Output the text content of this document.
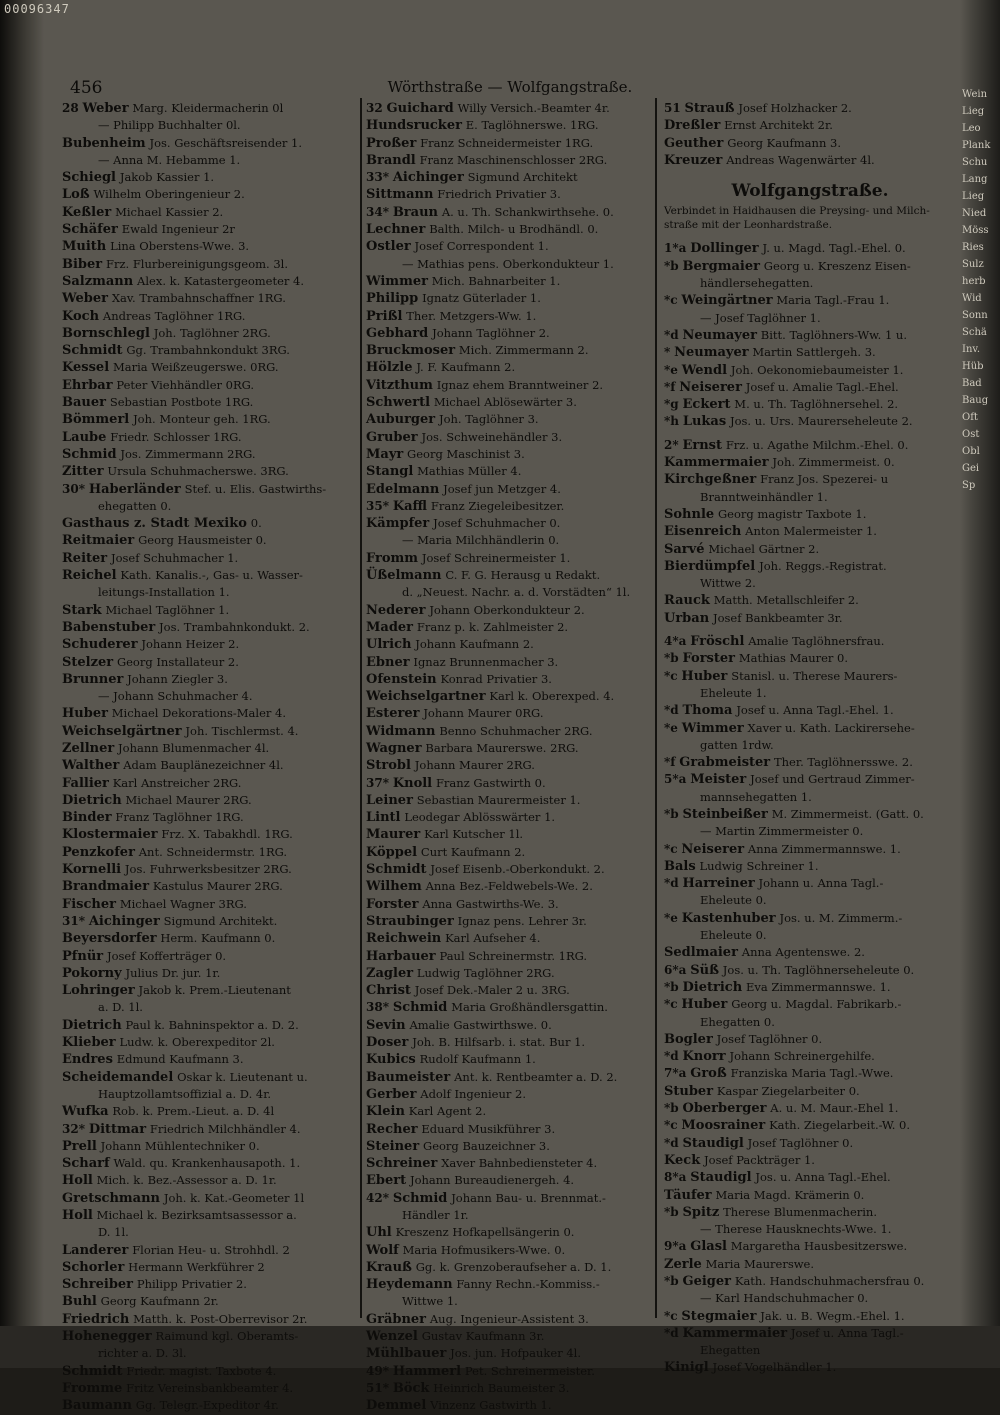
00096347
456	Wörthstraße — Wolfgangstraße.
28 Weber Marg. Kleidermacherin 0l
— Philipp Buchhalter 0l.
Bubenheim Jos. Geschäftsreisender 1.
— Anna M. Hebamme 1.
Schiegl Jakob Kassier 1.
Loß Wilhelm Oberingenieur 2.
Keßler Michael Kassier 2.
Schäfer Ewald Ingenieur 2r
Muith Lina Oberstens-Wwe. 3.
Biber Frz. Flurbereinigungsgeom. 3l.
Salzmann Alex. k. Katastergeometer 4.
Weber Xav. Trambahnschaffner 1RG.
Koch Andreas Taglöhner 1RG.
Bornschlegl Joh. Taglöhner 2RG.
Schmidt Gg. Trambahnkondukt 3RG.
Kessel Maria Weißzeugerswe. 0RG.
Ehrbar Peter Viehhändler 0RG.
Bauer Sebastian Postbote 1RG.
Bömmerl Joh. Monteur geh. 1RG.
Laube Friedr. Schlosser 1RG.
Schmid Jos. Zimmermann 2RG.
Zitter Ursula Schuhmacherswe. 3RG.
30* Haberländer Stef. u. Elis. Gastwirths-
ehegatten 0.
Gasthaus z. Stadt Mexiko 0.
Reitmaier Georg Hausmeister 0.
Reiter Josef Schuhmacher 1.
Reichel Kath. Kanalis.-, Gas- u. Wasser-
leitungs-Installation 1.
Stark Michael Taglöhner 1.
Babenstuber Jos. Trambahnkondukt. 2.
Schuderer Johann Heizer 2.
Stelzer Georg Installateur 2.
Brunner Johann Ziegler 3.
— Johann Schuhmacher 4.
Huber Michael Dekorations-Maler 4.
Weichselgärtner Joh. Tischlermst. 4.
Zellner Johann Blumenmacher 4l.
Walther Adam Bauplänezeichner 4l.
Fallier Karl Anstreicher 2RG.
Dietrich Michael Maurer 2RG.
Binder Franz Taglöhner 1RG.
Klostermaier Frz. X. Tabakhdl. 1RG.
Penzkofer Ant. Schneidermstr. 1RG.
Kornelli Jos. Fuhrwerksbesitzer 2RG.
Brandmaier Kastulus Maurer 2RG.
Fischer Michael Wagner 3RG.
31* Aichinger Sigmund Architekt.
Beyersdorfer Herm. Kaufmann 0.
Pfnür Josef Kofferträger 0.
Pokorny Julius Dr. jur. 1r.
Lohringer Jakob k. Prem.-Lieutenant
a. D. 1l.
Dietrich Paul k. Bahninspektor a. D. 2.
Klieber Ludw. k. Oberexpeditor 2l.
Endres Edmund Kaufmann 3.
Scheidemandel Oskar k. Lieutenant u.
Hauptzollamtsoffizial a. D. 4r.
Wufka Rob. k. Prem.-Lieut. a. D. 4l
32* Dittmar Friedrich Milchhändler 4.
Prell Johann Mühlentechniker 0.
Scharf Wald. qu. Krankenhausapoth. 1.
Holl Mich. k. Bez.-Assessor a. D. 1r.
Gretschmann Joh. k. Kat.-Geometer 1l
Holl Michael k. Bezirksamtsassessor a.
D. 1l.
Landerer Florian Heu- u. Strohhdl. 2
Schorler Hermann Werkführer 2
Schreiber Philipp Privatier 2.
Buhl Georg Kaufmann 2r.
Friedrich Matth. k. Post-Oberrevisor 2r.
Hohenegger Raimund kgl. Oberamts-
richter a. D. 3l.
Schmidt Friedr. magist. Taxbote 4.
Fromme Fritz Vereinsbankbeamter 4.
Baumann Gg. Telegr.-Expeditor 4r.
32 Guichard Willy Versich.-Beamter 4r.
Hundsrucker E. Taglöhnerswe. 1RG.
Proßer Franz Schneidermeister 1RG.
Brandl Franz Maschinenschlosser 2RG.
33* Aichinger Sigmund Architekt
Sittmann Friedrich Privatier 3.
34* Braun A. u. Th. Schankwirthsehe. 0.
Lechner Balth. Milch- u Brodhändl. 0.
Ostler Josef Correspondent 1.
— Mathias pens. Oberkondukteur 1.
Wimmer Mich. Bahnarbeiter 1.
Philipp Ignatz Güterlader 1.
Prißl Ther. Metzgers-Ww. 1.
Gebhard Johann Taglöhner 2.
Bruckmoser Mich. Zimmermann 2.
Hölzle J. F. Kaufmann 2.
Vitzthum Ignaz ehem Branntweiner 2.
Schwertl Michael Ablösewärter 3.
Auburger Joh. Taglöhner 3.
Gruber Jos. Schweinehändler 3.
Mayr Georg Maschinist 3.
Stangl Mathias Müller 4.
Edelmann Josef jun Metzger 4.
35* Kaffl Franz Ziegeleibesitzer.
Kämpfer Josef Schuhmacher 0.
— Maria Milchhändlerin 0.
Fromm Josef Schreinermeister 1.
Üßelmann C. F. G. Herausg u Redakt.
d. „Neuest. Nachr. a. d. Vorstädten“ 1l.
Nederer Johann Oberkondukteur 2.
Mader Franz p. k. Zahlmeister 2.
Ulrich Johann Kaufmann 2.
Ebner Ignaz Brunnenmacher 3.
Ofenstein Konrad Privatier 3.
Weichselgartner Karl k. Oberexped. 4.
Esterer Johann Maurer 0RG.
Widmann Benno Schuhmacher 2RG.
Wagner Barbara Maurerswe. 2RG.
Strobl Johann Maurer 2RG.
37* Knoll Franz Gastwirth 0.
Leiner Sebastian Maurermeister 1.
Lintl Leodegar Ablösswärter 1.
Maurer Karl Kutscher 1l.
Köppel Curt Kaufmann 2.
Schmidt Josef Eisenb.-Oberkondukt. 2.
Wilhem Anna Bez.-Feldwebels-We. 2.
Forster Anna Gastwirths-We. 3.
Straubinger Ignaz pens. Lehrer 3r.
Reichwein Karl Aufseher 4.
Harbauer Paul Schreinermstr. 1RG.
Zagler Ludwig Taglöhner 2RG.
Christ Josef Dek.-Maler 2 u. 3RG.
38* Schmid Maria Großhändlersgattin.
Sevin Amalie Gastwirthswe. 0.
Doser Joh. B. Hilfsarb. i. stat. Bur 1.
Kubics Rudolf Kaufmann 1.
Baumeister Ant. k. Rentbeamter a. D. 2.
Gerber Adolf Ingenieur 2.
Klein Karl Agent 2.
Recher Eduard Musikführer 3.
Steiner Georg Bauzeichner 3.
Schreiner Xaver Bahnbediensteter 4.
Ebert Johann Bureaudienergeh. 4.
42* Schmid Johann Bau- u. Brennmat.-
Händler 1r.
Uhl Kreszenz Hofkapellsängerin 0.
Wolf Maria Hofmusikers-Wwe. 0.
Krauß Gg. k. Grenzoberaufseher a. D. 1.
Heydemann Fanny Rechn.-Kommiss.-
Wittwe 1.
Gräbner Aug. Ingenieur-Assistent 3.
Wenzel Gustav Kaufmann 3r.
Mühlbauer Jos. jun. Hofpauker 4l.
49* Hammerl Pet. Schreinermeister.
51* Böck Heinrich Baumeister 3.
Demmel Vinzenz Gastwirth 1.
51 Strauß Josef Holzhacker 2.
Dreßler Ernst Architekt 2r.
Geuther Georg Kaufmann 3.
Kreuzer Andreas Wagenwärter 4l.
Wolfgangstraße.
Verbindet in Haidhausen die Preysing- und Milch-straße mit der Leonhardstraße.
1*a Dollinger J. u. Magd. Tagl.-Ehel. 0.
*b Bergmaier Georg u. Kreszenz Eisen-
händlersehegatten.
*c Weingärtner Maria Tagl.-Frau 1.
— Josef Taglöhner 1.
*d Neumayer Bitt. Taglöhners-Ww. 1 u.
* Neumayer Martin Sattlergeh. 3.
*e Wendl Joh. Oekonomiebaumeister 1.
*f Neiserer Josef u. Amalie Tagl.-Ehel.
*g Eckert M. u. Th. Taglöhnersehel. 2.
*h Lukas Jos. u. Urs. Maurerseheleute 2.
2* Ernst Frz. u. Agathe Milchm.-Ehel. 0.
Kammermaier Joh. Zimmermeist. 0.
Kirchgeßner Franz Jos. Spezerei- u
Branntweinhändler 1.
Sohnle Georg magistr Taxbote 1.
Eisenreich Anton Malermeister 1.
Sarvé Michael Gärtner 2.
Bierdümpfel Joh. Reggs.-Registrat.
Wittwe 2.
Rauck Matth. Metallschleifer 2.
Urban Josef Bankbeamter 3r.
4*a Fröschl Amalie Taglöhnersfrau.
*b Forster Mathias Maurer 0.
*c Huber Stanisl. u. Therese Maurers-
Eheleute 1.
*d Thoma Josef u. Anna Tagl.-Ehel. 1.
*e Wimmer Xaver u. Kath. Lackirersehe-
gatten 1rdw.
*f Grabmeister Ther. Taglöhnersswe. 2.
5*a Meister Josef und Gertraud Zimmer-
mannsehegatten 1.
*b Steinbeißer M. Zimmermeist. (Gatt. 0.
— Martin Zimmermeister 0.
*c Neiserer Anna Zimmermannswe. 1.
Bals Ludwig Schreiner 1.
*d Harreiner Johann u. Anna Tagl.-
Eheleute 0.
*e Kastenhuber Jos. u. M. Zimmerm.-
Eheleute 0.
Sedlmaier Anna Agentenswe. 2.
6*a Süß Jos. u. Th. Taglöhnerseheleute 0.
*b Dietrich Eva Zimmermannswe. 1.
*c Huber Georg u. Magdal. Fabrikarb.-
Ehegatten 0.
Bogler Josef Taglöhner 0.
*d Knorr Johann Schreinergehilfe.
7*a Groß Franziska Maria Tagl.-Wwe.
Stuber Kaspar Ziegelarbeiter 0.
*b Oberberger A. u. M. Maur.-Ehel 1.
*c Moosrainer Kath. Ziegelarbeit.-W. 0.
*d Staudigl Josef Taglöhner 0.
Keck Josef Packträger 1.
8*a Staudigl Jos. u. Anna Tagl.-Ehel.
Täufer Maria Magd. Krämerin 0.
*b Spitz Therese Blumenmacherin.
— Therese Hausknechts-Wwe. 1.
9*a Glasl Margaretha Hausbesitzerswe.
Zerle Maria Maurerswe.
*b Geiger Kath. Handschuhmachersfrau 0.
— Karl Handschuhmacher 0.
*c Stegmaier Jak. u. B. Wegm.-Ehel. 1.
*d Kammermaier Josef u. Anna Tagl.-
Ehegatten
Kinigl Josef Vogelhändler 1.
Wein
Lieg
Leo
Plank
Schu
Lang
Lieg
Nied
Möss
Ries
Sulz
herb
Wid
Sonn
Schä
Inv.
Hüb
Bad
Baug
Oft
Ost
Obl
Gei
Sp
